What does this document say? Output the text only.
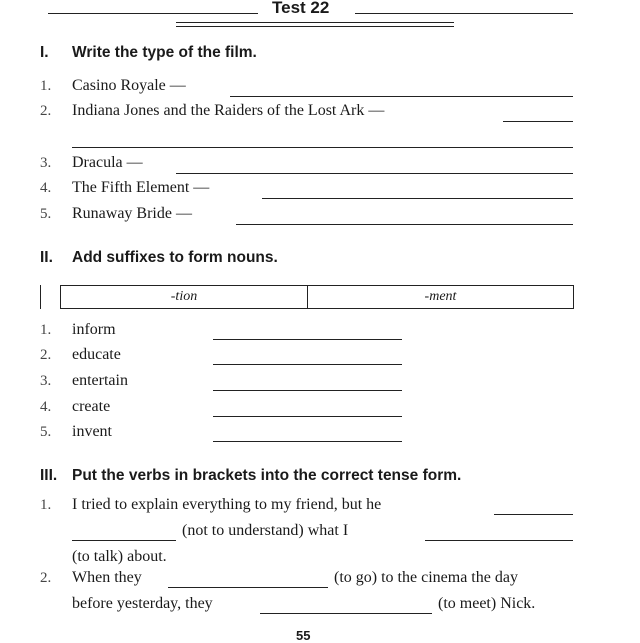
Test 22
I. Write the type of the film.
1. Casino Royale —
2. Indiana Jones and the Raiders of the Lost Ark —
3. Dracula —
4. The Fifth Element —
5. Runaway Bride —
II. Add suffixes to form nouns.
-tion	-ment
1. inform
2. educate
3. entertain
4. create
5. invent
III. Put the verbs in brackets into the correct tense form.
1. I tried to explain everything to my friend, but he
(not to understand) what I
(to talk) about.
2. When they	(to go) to the cinema the day
before yesterday, they	(to meet) Nick.
55
